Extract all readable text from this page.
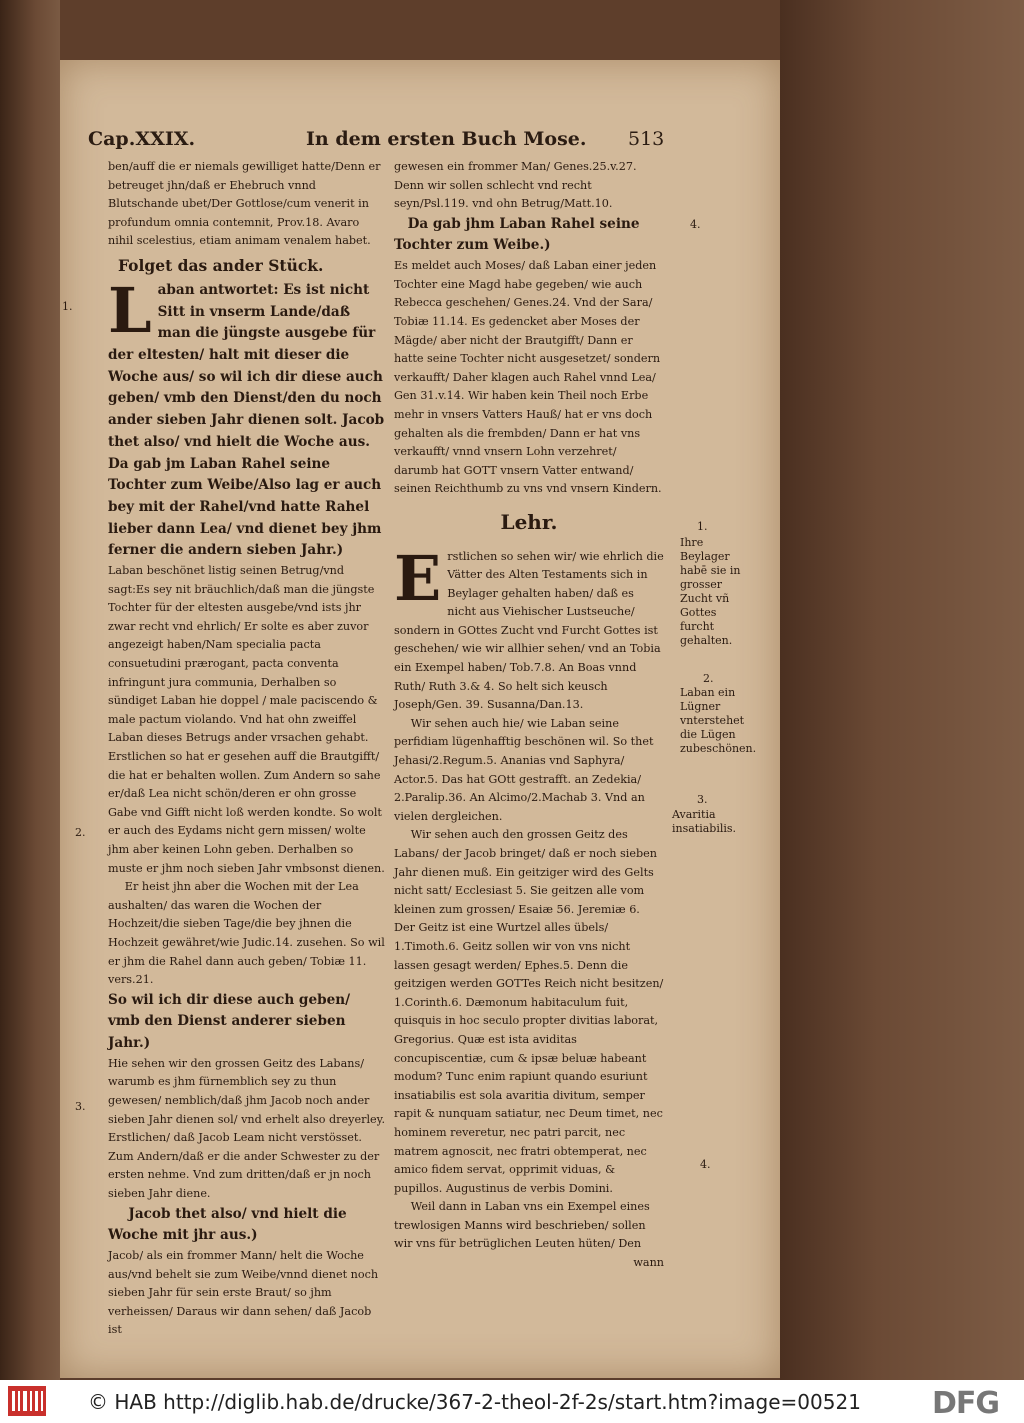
Cap.XXIX.	In dem ersten Buch Mose. 513

ben/auff die er niemals gewilliget hatte/Denn er betreuget jhn/daß er Ehebruch vnnd Blutschande ubet/Der Gottlose/cum venerit in profundum omnia contemnit, Prov.18. Avaro nihil scelestius, etiam animam venalem habet.

Folget das ander Stück.
Laban antwortet: Es ist nicht Sitt in vnserm Lande/daß man die jüngste ausgebe für der eltesten/ halt mit dieser die Woche aus/ so wil ich dir diese auch geben/ vmb den Dienst/den du noch ander sieben Jahr dienen solt. Jacob thet also/ vnd hielt die Woche aus. Da gab jm Laban Rahel seine Tochter zum Weibe/Also lag er auch bey mit der Rahel/vnd hatte Rahel lieber dann Lea/ vnd dienet bey jhm ferner die andern sieben Jahr.)

Laban beschönet listig seinen Betrug/vnd sagt:Es sey nit bräuchlich/daß man die jüngste Tochter für der eltesten ausgebe/vnd ists jhr zwar recht vnd ehrlich/ Er solte es aber zuvor angezeigt haben/Nam specialia pacta consuetudini prærogant, pacta conventa infringunt jura communia, Derhalben so sündiget Laban hie doppel / male paciscendo & male pactum violando. Vnd hat ohn zweiffel Laban dieses Betrugs ander vrsachen gehabt. Erstlichen so hat er gesehen auff die Brautgifft/ die hat er behalten wollen. Zum Andern so sahe er/daß Lea nicht schön/deren er ohn grosse Gabe vnd Gifft nicht loß werden kondte. So wolt er auch des Eydams nicht gern missen/ wolte jhm aber keinen Lohn geben. Derhalben so muste er jhm noch sieben Jahr vmbsonst dienen.

Er heist jhn aber die Wochen mit der Lea aushalten/ das waren die Wochen der Hochzeit/die sieben Tage/die bey jhnen die Hochzeit gewähret/wie Judic.14. zusehen. So wil er jhm die Rahel dann auch geben/ Tobiæ 11. vers.21.

So wil ich dir diese auch geben/ vmb den Dienst anderer sieben Jahr.)

Hie sehen wir den grossen Geitz des Labans/ warumb es jhm fürnemblich sey zu thun gewesen/ nemblich/daß jhm Jacob noch ander sieben Jahr dienen sol/ vnd erhelt also dreyerley. Erstlichen/ daß Jacob Leam nicht verstösset. Zum Andern/daß er die ander Schwester zu der ersten nehme. Vnd zum dritten/daß er jn noch sieben Jahr diene.

Jacob thet also/ vnd hielt die Woche mit jhr aus.)

Jacob/ als ein frommer Mann/ helt die Woche aus/vnd behelt sie zum Weibe/vnnd dienet noch sieben Jahr für sein erste Braut/ so jhm verheissen/ Daraus wir dann sehen/ daß Jacob ist

gewesen ein frommer Man/ Genes.25.v.27. Denn wir sollen schlecht vnd recht seyn/Psl.119. vnd ohn Betrug/Matt.10.

Da gab jhm Laban Rahel seine Tochter zum Weibe.)

Es meldet auch Moses/ daß Laban einer jeden Tochter eine Magd habe gegeben/ wie auch Rebecca geschehen/ Genes.24. Vnd der Sara/ Tobiæ 11.14. Es gedencket aber Moses der Mägde/ aber nicht der Brautgifft/ Dann er hatte seine Tochter nicht ausgesetzet/ sondern verkaufft/ Daher klagen auch Rahel vnnd Lea/ Gen 31.v.14. Wir haben kein Theil noch Erbe mehr in vnsers Vatters Hauß/ hat er vns doch gehalten als die frembden/ Dann er hat vns verkaufft/ vnnd vnsern Lohn verzehret/ darumb hat GOTT vnsern Vatter entwand/ seinen Reichthumb zu vns vnd vnsern Kindern.

Lehr.

Erstlichen so sehen wir/ wie ehrlich die Vätter des Alten Testaments sich in Beylager gehalten haben/ daß es nicht aus Viehischer Lustseuche/ sondern in GOttes Zucht vnd Furcht Gottes ist geschehen/ wie wir allhier sehen/ vnd an Tobia ein Exempel haben/ Tob.7.8. An Boas vnnd Ruth/ Ruth 3.& 4. So helt sich keusch Joseph/Gen. 39. Susanna/Dan.13.

Wir sehen auch hie/ wie Laban seine perfidiam lügenhafftig beschönen wil. So thet Jehasi/2.Regum.5. Ananias vnd Saphyra/ Actor.5. Das hat GOtt gestrafft. an Zedekia/ 2.Paralip.36. An Alcimo/2.Machab 3. Vnd an vielen dergleichen.

Wir sehen auch den grossen Geitz des Labans/ der Jacob bringet/ daß er noch sieben Jahr dienen muß. Ein geitziger wird des Gelts nicht satt/ Ecclesiast 5. Sie geitzen alle vom kleinen zum grossen/ Esaiæ 56. Jeremiæ 6. Der Geitz ist eine Wurtzel alles übels/ 1.Timoth.6. Geitz sollen wir von vns nicht lassen gesagt werden/ Ephes.5. Denn die geitzigen werden GOTTes Reich nicht besitzen/ 1.Corinth.6. Dæmonum habitaculum fuit, quisquis in hoc seculo propter divitias laborat, Gregorius. Quæ est ista aviditas concupiscentiæ, cum & ipsæ beluæ habeant modum? Tunc enim rapiunt quando esuriunt insatiabilis est sola avaritia divitum, semper rapit & nunquam satiatur, nec Deum timet, nec hominem reveretur, nec patri parcit, nec matrem agnoscit, nec fratri obtemperat, nec amico fidem servat, opprimit viduas, & pupillos. Augustinus de verbis Domini.

Weil dann in Laban vns ein Exempel eines trewlosigen Manns wird beschrieben/ sollen wir vns für betrüglichen Leuten hüten/ Den

wann

1.
2.
3.
4.
1.
Ihre Beylager habē sie in grosser Zucht vñ Gottes furcht gehalten.
2.
Laban ein Lügner vnterstehet die Lügen zubeschönen.
3.
Avaritia insatiabilis.
4.
© HAB http://diglib.hab.de/drucke/367-2-theol-2f-2s/start.htm?image=00521 DFG
